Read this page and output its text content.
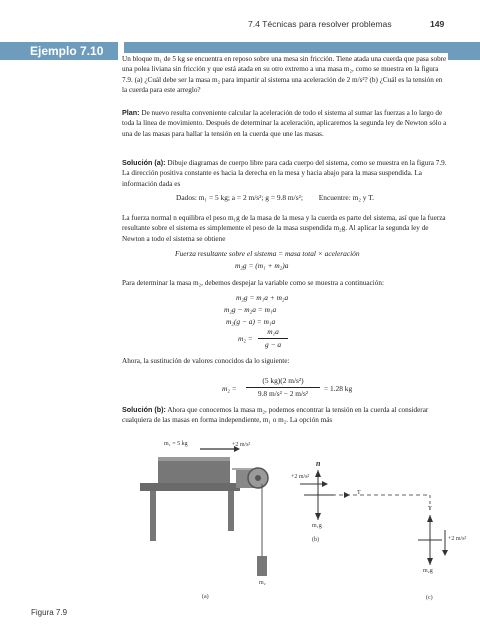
7.4 Técnicas para resolver problemas	149
Ejemplo 7.10

Un bloque m₁ de 5 kg se encuentra en reposo sobre una mesa sin fricción. Tiene atada una cuerda que pasa sobre una polea liviana sin fricción y que está atada en su otro extremo a una masa m₂, como se muestra en la figura 7.9. (a) ¿Cuál debe ser la masa m₂ para impartir al sistema una aceleración de 2 m/s²? (b) ¿Cuál es la tensión en la cuerda para este arreglo?

Plan: De nuevo resulta conveniente calcular la aceleración de todo el sistema al sumar las fuerzas a lo largo de toda la línea de movimiento. Después de determinar la aceleración, aplicaremos la segunda ley de Newton sólo a una de las masas para hallar la tensión en la cuerda que une las masas.

Solución (a): Dibuje diagramas de cuerpo libre para cada cuerpo del sistema, como se muestra en la figura 7.9. La dirección positiva constante es hacia la derecha en la mesa y hacia abajo para la masa suspendida. La información dada es

Dados: m₁ = 5 kg; a = 2 m/s²; g = 9.8 m/s²; Encuentre: m₂ y T.

La fuerza normal n equilibra el peso m₁g de la masa de la mesa y la cuerda es parte del sistema, así que la fuerza resultante sobre el sistema es simplemente el peso de la masa suspendida m₂g. Al aplicar la segunda ley de Newton a todo el sistema se obtiene

Fuerza resultante sobre el sistema = masa total × aceleración
m₂g = (m₁ + m₂)a

Para determinar la masa m₂, debemos despejar la variable como se muestra a continuación:

m₂g = m₁a + m₂a
m₂g − m₂a = m₁a
m₂(g − a) = m₁a
m₂ =
m₁a
g − a

Ahora, la sustitución de valores conocidos da lo siguiente:

m₂ =
(5 kg)(2 m/s²)
9.8 m/s² − 2 m/s²
= 1.28 kg

Solución (b): Ahora que conocemos la masa m₂, podemos encontrar la tensión en la cuerda al considerar cualquiera de las masas en forma independiente, m₁ o m₂. La opción más

m₁ = 5 kg	+2 m/s²
m₂
(a)
n
+2 m/s²
T
m₁g
(b)
T
+2 m/s²
m₂g
(c)
Figura 7.9
